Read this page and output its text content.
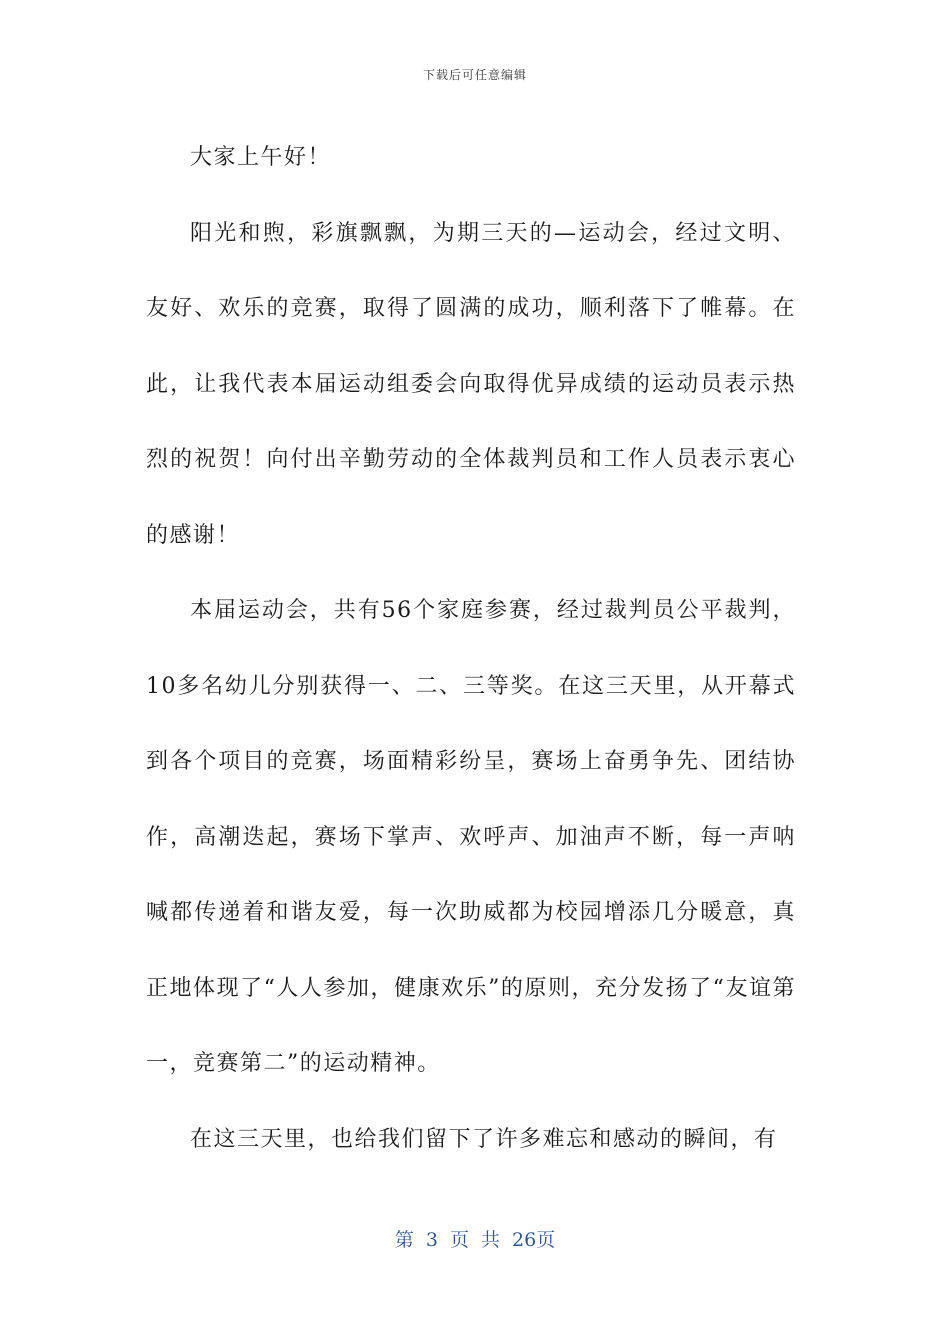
下载后可任意编辑

大家上午好！

阳光和煦，彩旗飘飘，为期三天的—运动会，经过文明、友好、欢乐的竞赛，取得了圆满的成功，顺利落下了帷幕。在此，让我代表本届运动组委会向取得优异成绩的运动员表示热烈的祝贺！向付出辛勤劳动的全体裁判员和工作人员表示衷心的感谢！

本届运动会，共有56个家庭参赛，经过裁判员公平裁判，10多名幼儿分别获得一、二、三等奖。在这三天里，从开幕式到各个项目的竞赛，场面精彩纷呈，赛场上奋勇争先、团结协作，高潮迭起，赛场下掌声、欢呼声、加油声不断，每一声呐喊都传递着和谐友爱，每一次助威都为校园增添几分暖意，真正地体现了“人人参加，健康欢乐”的原则，充分发扬了“友谊第一，竞赛第二”的运动精神。

在这三天里，也给我们留下了许多难忘和感动的瞬间，有

第 3 页 共 26页
